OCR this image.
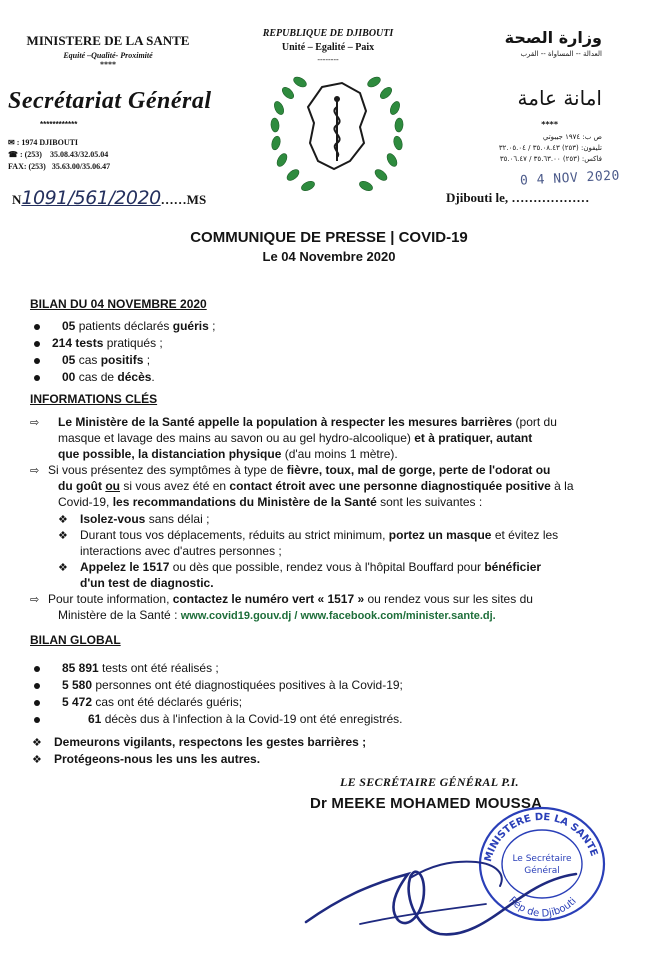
MINISTERE DE LA SANTE
Equité –Qualité- Proximité
****
Secrétariat Général
************
✉ : 1974 DJIBOUTI
☎ : (253) 35.08.43/32.05.04
FAX: (253) 35.63.00/35.06.47
N1091/561/2020……MS
REPUBLIQUE DE DJIBOUTI
Unité – Egalité – Paix
--------
وزارة الصحة
العدالة -- المساواة -- القرب
امانة عامة
****
ص ب: ١٩٧٤ جيبوتي
تليفون: (٢٥٣) ٣٥.٠٨.٤٣ / ٣٢.٠٥.٠٤
فاكس: (٢٥٣) ٣٥.٦٣.٠٠ / ٣٥.٠٦.٤٧
0 4 NOV 2020
Djibouti le, ………………
COMMUNIQUE DE PRESSE | COVID-19
Le 04 Novembre 2020
BILAN DU 04 NOVEMBRE 2020
05 patients déclarés guéris ;
214 tests pratiqués ;
05 cas positifs ;
00 cas de décès.
INFORMATIONS CLÉS
⇨ Le Ministère de la Santé appelle la population à respecter les mesures barrières (port du
masque et lavage des mains au savon ou au gel hydro-alcoolique) et à pratiquer, autant
que possible, la distanciation physique (d'au moins 1 mètre).
⇨ Si vous présentez des symptômes à type de fièvre, toux, mal de gorge, perte de l'odorat ou
du goût ou si vous avez été en contact étroit avec une personne diagnostiquée positive à la
Covid-19, les recommandations du Ministère de la Santé sont les suivantes :
❖ Isolez-vous sans délai ;
❖ Durant tous vos déplacements, réduits au strict minimum, portez un masque et évitez les
interactions avec d'autres personnes ;
❖ Appelez le 1517 ou dès que possible, rendez vous à l'hôpital Bouffard pour bénéficier
d'un test de diagnostic.
⇨ Pour toute information, contactez le numéro vert « 1517 » ou rendez vous sur les sites du
Ministère de la Santé : www.covid19.gouv.dj / www.facebook.com/minister.sante.dj.
BILAN GLOBAL
85 891 tests ont été réalisés ;
5 580 personnes ont été diagnostiquées positives à la Covid-19;
5 472 cas ont été déclarés guéris;
61 décès dus à l'infection à la Covid-19 ont été enregistrés.
❖ Demeurons vigilants, respectons les gestes barrières ;
❖ Protégeons-nous les uns les autres.
LE SECRÉTAIRE GÉNÉRAL P.I.
Dr MEEKE MOHAMED MOUSSA
MINISTERE DE LA SANTE
Le Secrétaire
Général
Rép de Djibouti
